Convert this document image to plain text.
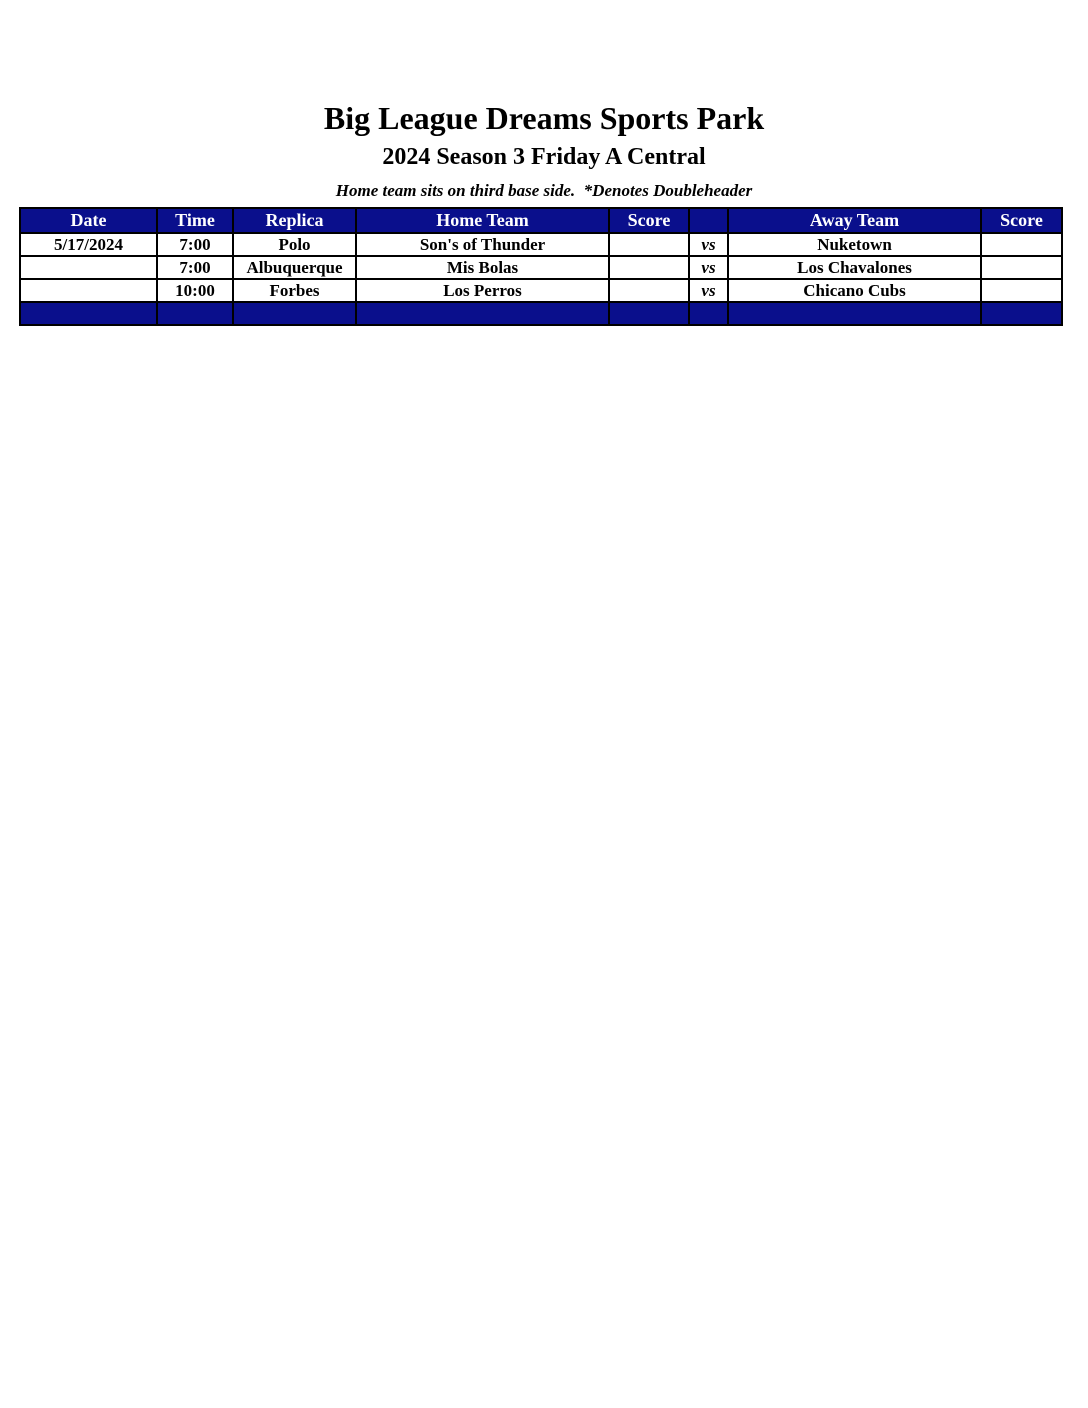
Big League Dreams Sports Park
2024 Season 3 Friday A Central
Home team sits on third base side.  *Denotes Doubleheader
Date	Time	Replica	Home Team	Score		Away Team	Score
5/17/2024	7:00	Polo	Son's of Thunder		vs	Nuketown	
	7:00	Albuquerque	Mis Bolas		vs	Los Chavalones	
	10:00	Forbes	Los Perros		vs	Chicano Cubs	
